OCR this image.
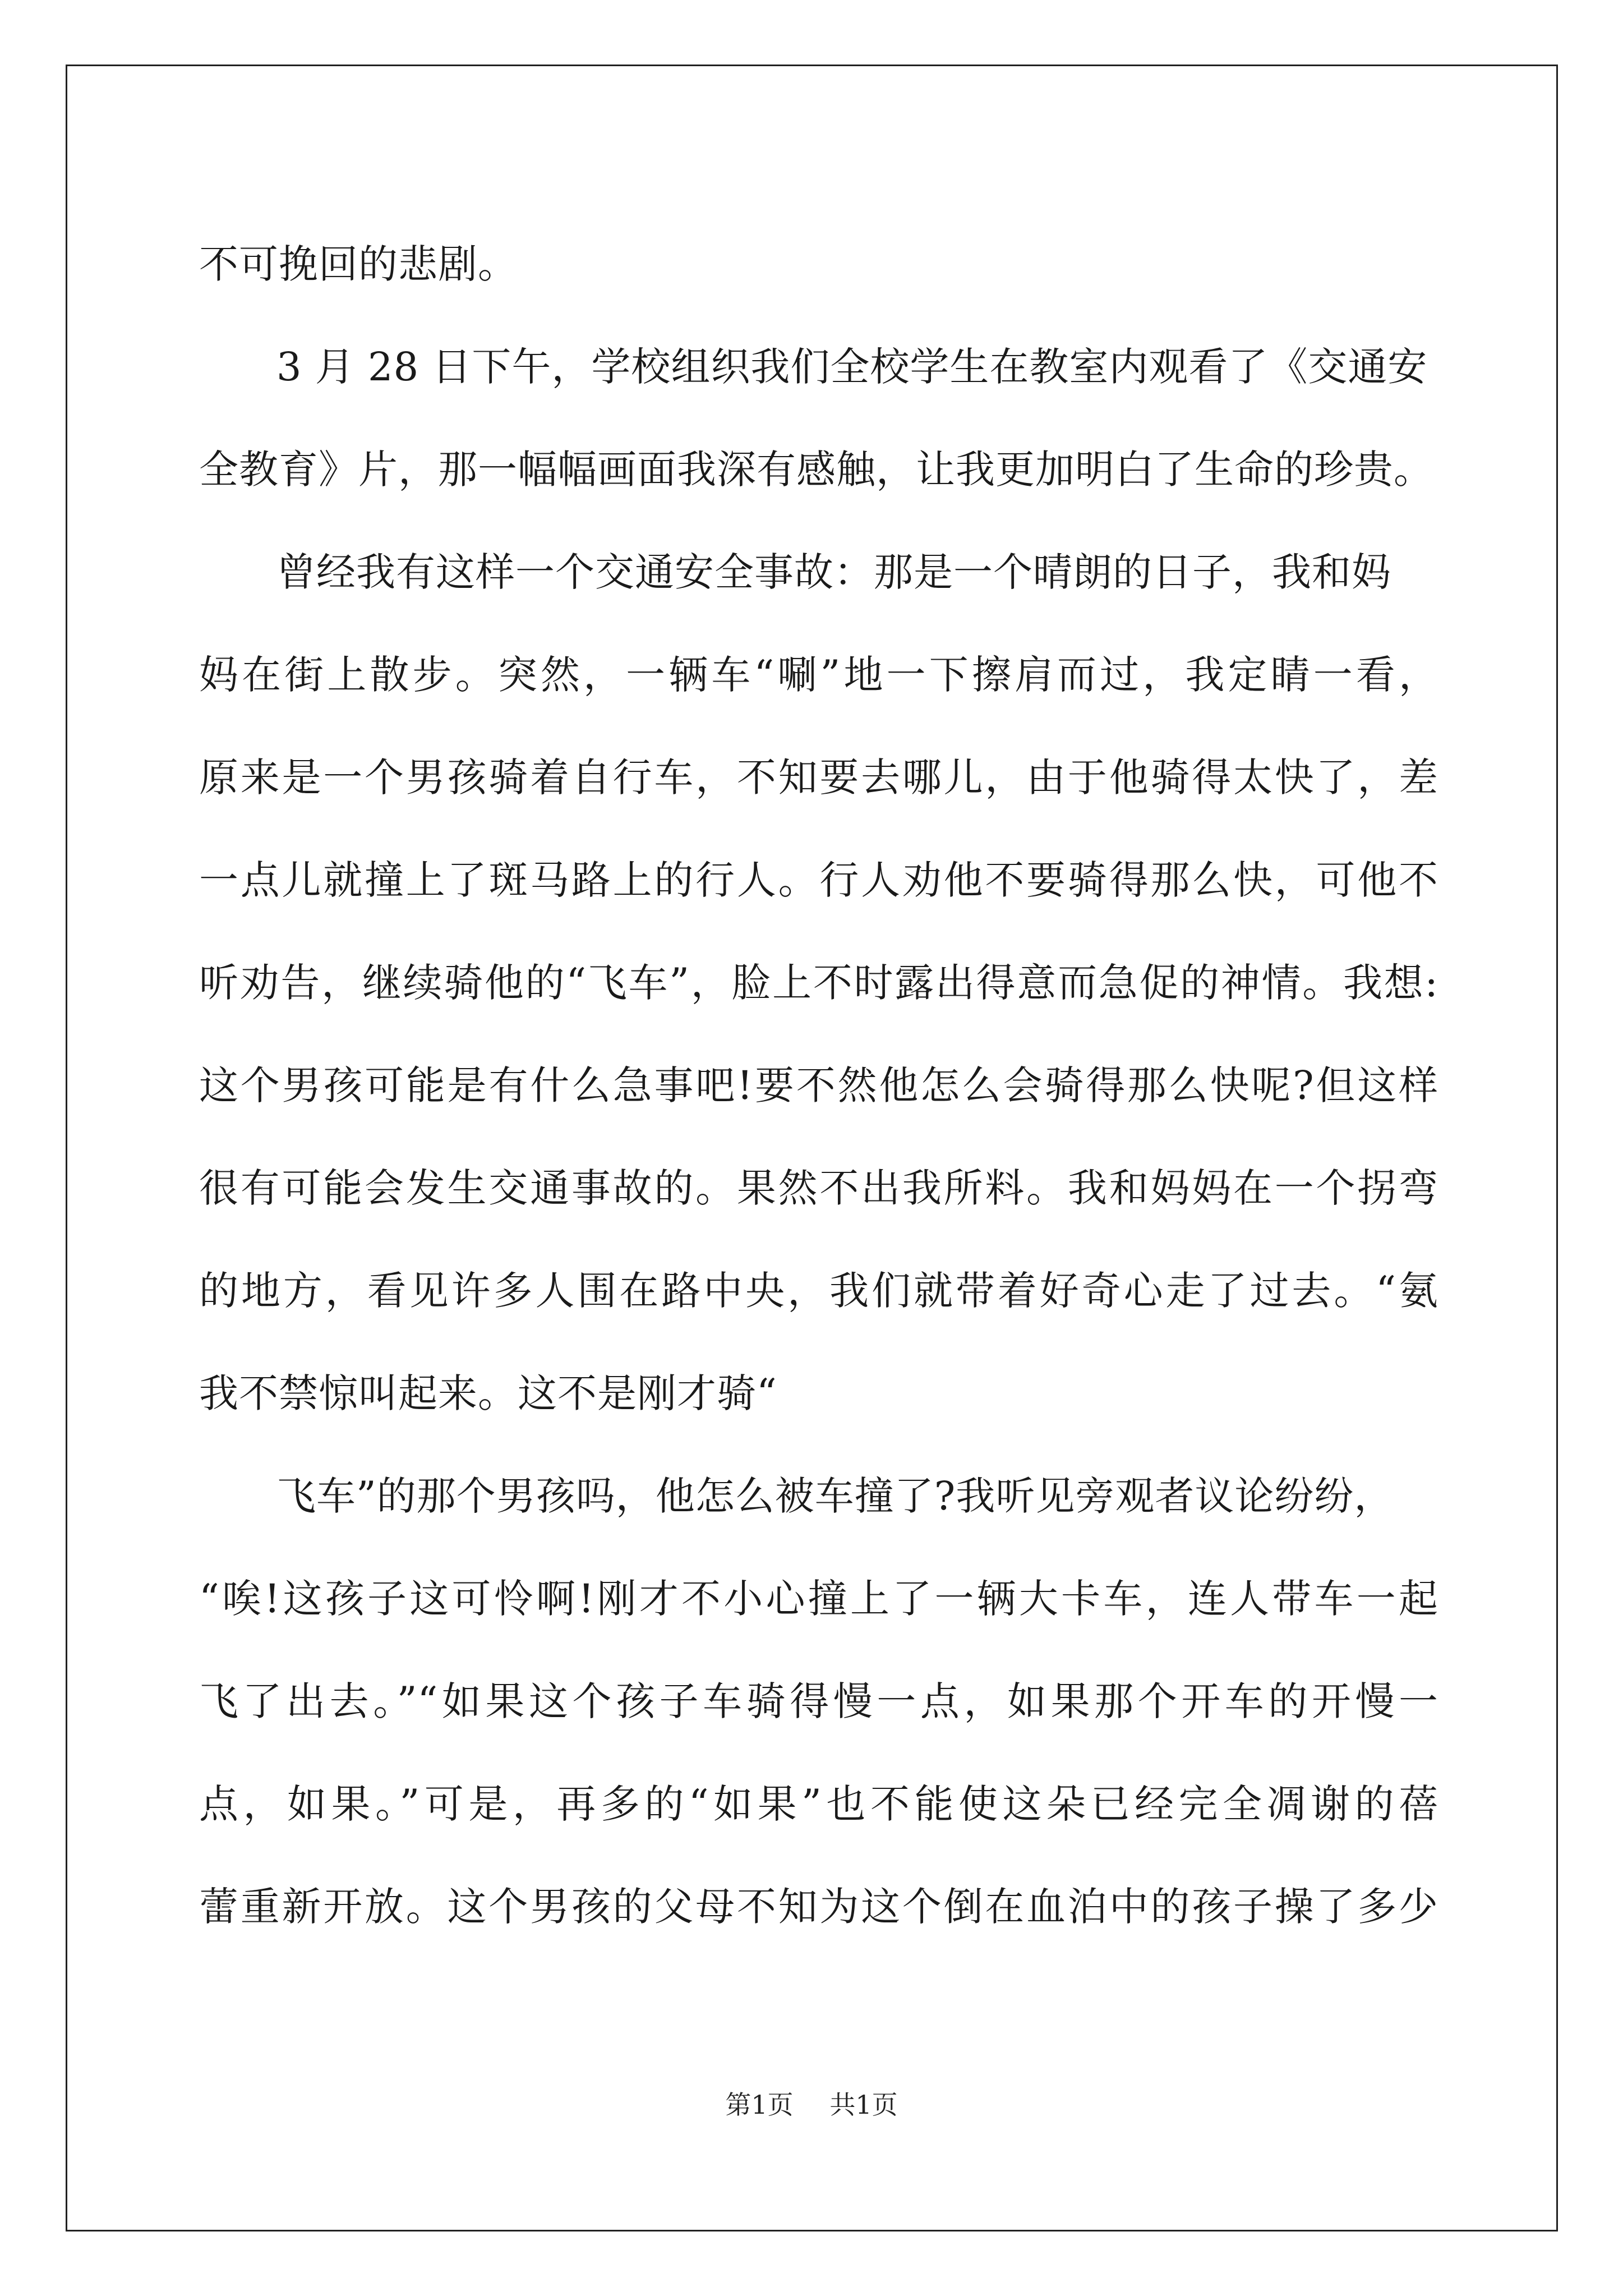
不可挽回的悲剧。
3 月 28 日下午，学校组织我们全校学生在教室内观看了《交通安
全教育》片，那一幅幅画面我深有感触，让我更加明白了生命的珍贵。
曾经我有这样一个交通安全事故：那是一个晴朗的日子，我和妈
妈在街上散步。突然，一辆车“唰”地一下擦肩而过，我定睛一看，
原来是一个男孩骑着自行车，不知要去哪儿，由于他骑得太快了，差
一点儿就撞上了斑马路上的行人。行人劝他不要骑得那么快，可他不
听劝告，继续骑他的“飞车”，脸上不时露出得意而急促的神情。我想:
这个男孩可能是有什么急事吧!要不然他怎么会骑得那么快呢?但这样
很有可能会发生交通事故的。果然不出我所料。我和妈妈在一个拐弯
的地方，看见许多人围在路中央，我们就带着好奇心走了过去。“氨
我不禁惊叫起来。这不是刚才骑“
飞车”的那个男孩吗，他怎么被车撞了?我听见旁观者议论纷纷，
“唉!这孩子这可怜啊!刚才不小心撞上了一辆大卡车，连人带车一起
飞了出去。”“如果这个孩子车骑得慢一点，如果那个开车的开慢一
点，如果。”可是，再多的“如果”也不能使这朵已经完全凋谢的蓓
蕾重新开放。这个男孩的父母不知为这个倒在血泊中的孩子操了多少
第1页 共1页
